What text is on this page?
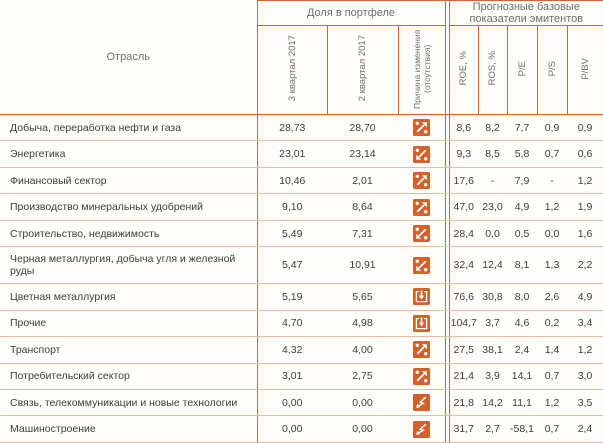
Отрасль	Доля в портфеле				Прогнозные базовые показатели эмитентов				
	3 квартал 2017	2 квартал 2017	Причина изменения (отсутствия)		ROE, %	ROS, %	P/E	P/S	P/BV
Добыча, переработка нефти и газа	28,73	28,70			8,6	8,2	7,7	0,9	0,9
Энергетика	23,01	23,14			9,3	8,5	5,8	0,7	0,6
Финансовый сектор	10,46	2,01			17,6	-	7,9	-	1,2
Производство минеральных удобрений	9,10	8,64			47,0	23,0	4,9	1,2	1,9
Строительство, недвижимость	5,49	7,31			28,4	0,0	0,5	0,0	1,6
Черная металлургия, добыча угля и железной руды	5,47	10,91			32,4	12,4	8,1	1,3	2,2
Цветная металлургия	5,19	5,65			76,6	30,8	8,0	2,6	4,9
Прочие	4,70	4,98			104,7	3,7	4,6	0,2	3,4
Транспорт	4,32	4,00			27,5	38,1	2,4	1,4	1,2
Потребительский сектор	3,01	2,75			21,4	3,9	14,1	0,7	3,0
Связь, телекоммуникации и новые технологии	0,00	0,00			21,8	14,2	11,1	1,2	3,5
Машиностроение	0,00	0,00			31,7	2,7	-58,1	0,7	2,4
